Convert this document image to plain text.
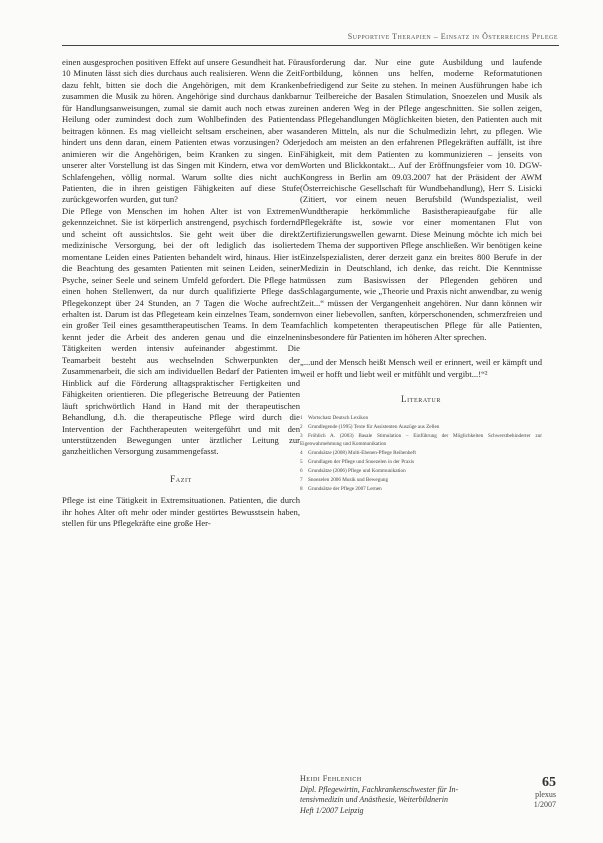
Supportive Therapien – Einsatz in Österreichs Pflege

einen ausgesprochen positiven Effekt auf unsere Gesundheit hat. Für 10 Minuten lässt sich dies durchaus auch realisieren. Wenn die Zeit dazu fehlt, bitten sie doch die Angehörigen, mit dem Kranken zusammen die Musik zu hören. Angehörige sind durchaus dankbar für Handlungsanweisungen, zumal sie damit auch noch etwas zur Heilung oder zumindest doch zum Wohlbefinden des Patienten beitragen können. Es mag vielleicht seltsam erscheinen, aber was hindert uns denn daran, einem Patienten etwas vorzusingen? Oder animieren wir die Angehörigen, beim Kranken zu singen. Ein unserer alter Vorstellung ist das Singen mit Kindern, etwa vor dem Schlafengehen, völlig normal. Warum sollte dies nicht auch Patienten, die in ihren geistigen Fähigkeiten auf diese Stufe zurückgeworfen wurden, gut tun?

Die Pflege von Menschen im hohen Alter ist von Extremen gekennzeichnet. Sie ist körperlich anstrengend, psychisch fordernd und scheint oft aussichtslos. Sie geht weit über die direkt medizinische Versorgung, bei der oft lediglich das isolierte momentane Leiden eines Patienten behandelt wird, hinaus. Hier ist die Beachtung des gesamten Patienten mit seinen Leiden, seiner Psyche, seiner Seele und seinem Umfeld gefordert. Die Pflege hat einen hohen Stellenwert, da nur durch qualifizierte Pflege das Pflegekonzept über 24 Stunden, an 7 Tagen die Woche aufrecht erhalten ist. Darum ist das Pflegeteam kein einzelnes Team, sondern ein großer Teil eines gesamttherapeutischen Teams. In dem Team kennt jeder die Arbeit des anderen genau und die einzelnen Tätigkeiten werden intensiv aufeinander abgestimmt. Die Teamarbeit besteht aus wechselnden Schwerpunkten der Zusammenarbeit, die sich am individuellen Bedarf der Patienten im Hinblick auf die Förderung alltagspraktischer Fertigkeiten und Fähigkeiten orientieren. Die pflegerische Betreuung der Patienten läuft sprichwörtlich Hand in Hand mit der therapeutischen Behandlung, d.h. die therapeutische Pflege wird durch die Intervention der Fachtherapeuten weitergeführt und mit den unterstützenden Bewegungen unter ärztlicher Leitung zur ganzheitlichen Versorgung zusammengefasst.

Fazit

Pflege ist eine Tätigkeit in Extremsituationen. Patienten, die durch ihr hohes Alter oft mehr oder minder gestörtes Bewusstsein haben, stellen für uns Pflegekräfte eine große Her-

ausforderung dar. Nur eine gute Ausbildung und laufende Fortbildung, können uns helfen, moderne Reformatutionen befriedigend zur Seite zu stehen. In meinen Ausführungen habe ich nur Teilbereiche der Basalen Stimulation, Snoezelen und Musik als einen anderen Weg in der Pflege angeschnitten. Sie sollen zeigen, dass Pflegehandlungen Möglichkeiten bieten, den Patienten auch mit anderen Mitteln, als nur die Schulmedizin lehrt, zu pflegen. Wie jedoch am meisten an den erfahrenen Pflegekräften auffällt, ist ihre Fähigkeit, mit dem Patienten zu kommunizieren – jenseits von Worten und Blickkontakt... Auf der Eröffnungsfeier vom 10. DGW-Kongress in Berlin am 09.03.2007 hat der Präsident der AWM (Österreichische Gesellschaft für Wundbehandlung), Herr S. Lisicki (Zitiert, vor einem neuen Berufsbild (Wundspezialist, weil Wundtherapie herkömmliche Basistherapieaufgabe für alle Pflegekräfte ist, sowie vor einer momentanen Flut von Zertifizierungswellen gewarnt. Diese Meinung möchte ich mich bei dem Thema der supportiven Pflege anschließen. Wir benötigen keine Einzelspezialisten, derer derzeit ganz ein breites 800 Berufe in der Medizin in Deutschland, ich denke, das reicht. Die Kenntnisse müssen zum Basiswissen der Pflegenden gehören und Schlagargumente, wie „Theorie und Praxis nicht anwendbar, zu wenig Zeit...“ müssen der Vergangenheit angehören. Nur dann können wir von einer liebevollen, sanften, körperschonenden, schmerzfreien und fachlich kompetenten therapeutischen Pflege für alle Patienten, insbesondere für Patienten im höheren Alter sprechen.

„...und der Mensch heißt Mensch weil er erinnert, weil er kämpft und weil er hofft und liebt weil er mitfühlt und vergibt...!“²

Literatur
1 Wortschatz Deutsch Lexikon
2 Grundlegende (1995) Texte für Assistenten Auszüge aus Zellen
3 Fröhlich A. (2003) Basale Stimulation – Einführung der Möglichkeiten Schwerstbehinderter zur Eigenwahrnehmung und Kommunikation
4 Grundsätze (2008) Multi-Ebenen-Pflege Reihenheft
5 Grundlagen der Pflege und Snoezelen in der Praxis
6 Grundsätze (2006) Pflege und Kommunikation
7 Snoezelen 2006 Musik und Bewegung
8 Grundsätze der Pflege 2007 Lernen
Heidi Fehlenich
Dipl. Pflegewirtin, Fachkrankenschwester für In-
tensivmedizin und Anästhesie, Weiterbildnerin
Heft 1/2007 Leipzig
65
plexus
1/2007
